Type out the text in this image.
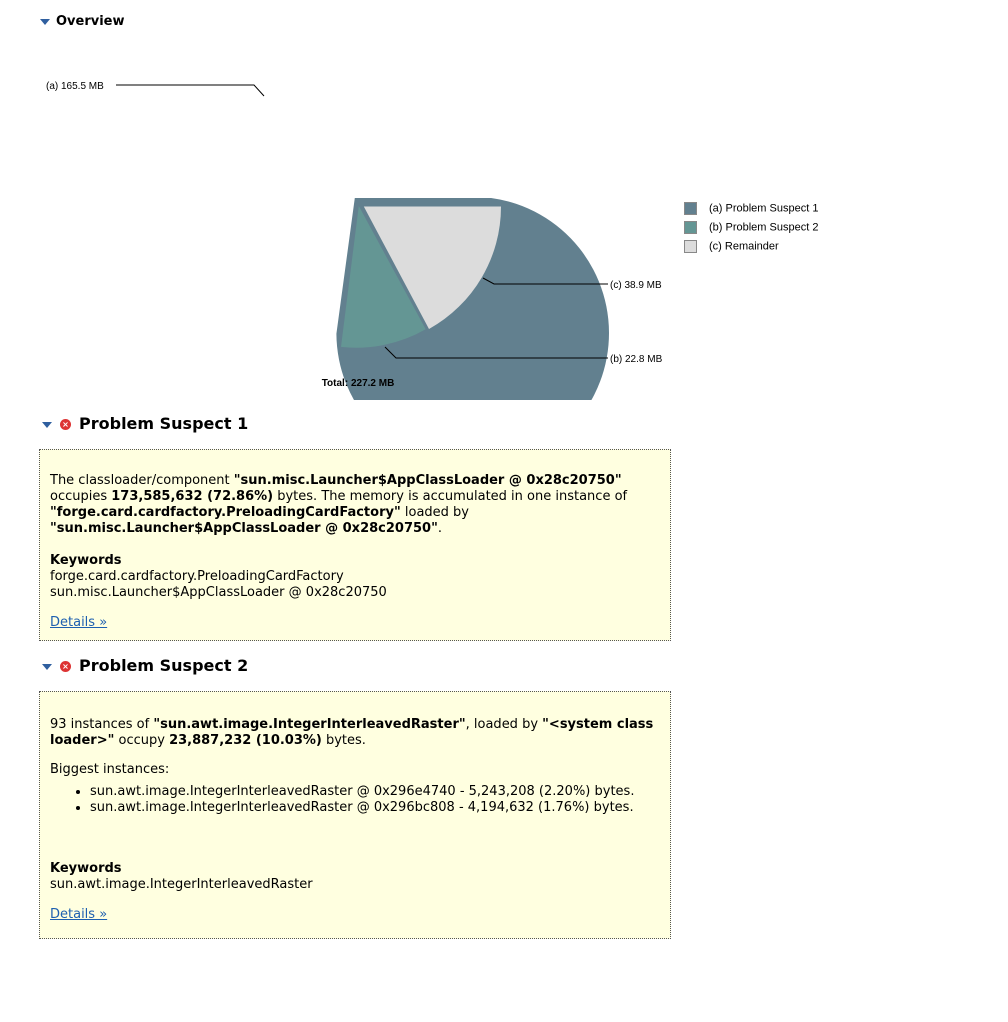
Overview
(a) 165.5 MB
(c) 38.9 MB
(b) 22.8 MB
Total: 227.2 MB
(a) Problem Suspect 1
(b) Problem Suspect 2
(c) Remainder
× Problem Suspect 1

The classloader/component "sun.misc.Launcher$AppClassLoader @ 0x28c20750" occupies 173,585,632 (72.86%) bytes. The memory is accumulated in one instance of "forge.card.cardfactory.PreloadingCardFactory" loaded by "sun.misc.Launcher$AppClassLoader @ 0x28c20750".

Keywords

forge.card.cardfactory.PreloadingCardFactory

sun.misc.Launcher$AppClassLoader @ 0x28c20750

Details »

× Problem Suspect 2

93 instances of "sun.awt.image.IntegerInterleavedRaster", loaded by "<system class loader>" occupy 23,887,232 (10.03%) bytes.

Biggest instances:

• sun.awt.image.IntegerInterleavedRaster @ 0x296e4740 - 5,243,208 (2.20%) bytes.
• sun.awt.image.IntegerInterleavedRaster @ 0x296bc808 - 4,194,632 (1.76%) bytes.

Keywords

sun.awt.image.IntegerInterleavedRaster

Details »
